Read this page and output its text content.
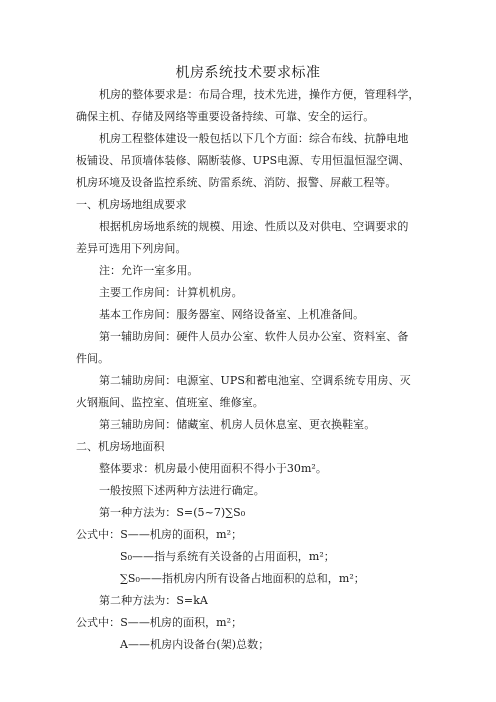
机房系统技术要求标准
机房的整体要求是：布局合理，技术先进，操作方便，管理科学，
确保主机、存储及网络等重要设备持续、可靠、安全的运行。
机房工程整体建设一般包括以下几个方面：综合布线、抗静电地
板铺设、吊顶墙体装修、隔断装修、UPS电源、专用恒温恒湿空调、
机房环境及设备监控系统、防雷系统、消防、报警、屏蔽工程等。
一、机房场地组成要求
根据机房场地系统的规模、用途、性质以及对供电、空调要求的
差异可选用下列房间。
注：允许一室多用。
主要工作房间：计算机机房。
基本工作房间：服务器室、网络设备室、上机准备间。
第一辅助房间：硬件人员办公室、软件人员办公室、资料室、备
件间。
第二辅助房间：电源室、UPS和蓄电池室、空调系统专用房、灭
火钢瓶间、监控室、值班室、维修室。
第三辅助房间：储藏室、机房人员休息室、更衣换鞋室。
二、机房场地面积
整体要求：机房最小使用面积不得小于30m²。
一般按照下述两种方法进行确定。
第一种方法为：S=(5~7)∑S₀
公式中：S——机房的面积，m²；
S₀——指与系统有关设备的占用面积，m²；
∑S₀——指机房内所有设备占地面积的总和，m²；
第二种方法为：S=kA
公式中：S——机房的面积，m²；
A——机房内设备台(架)总数；
